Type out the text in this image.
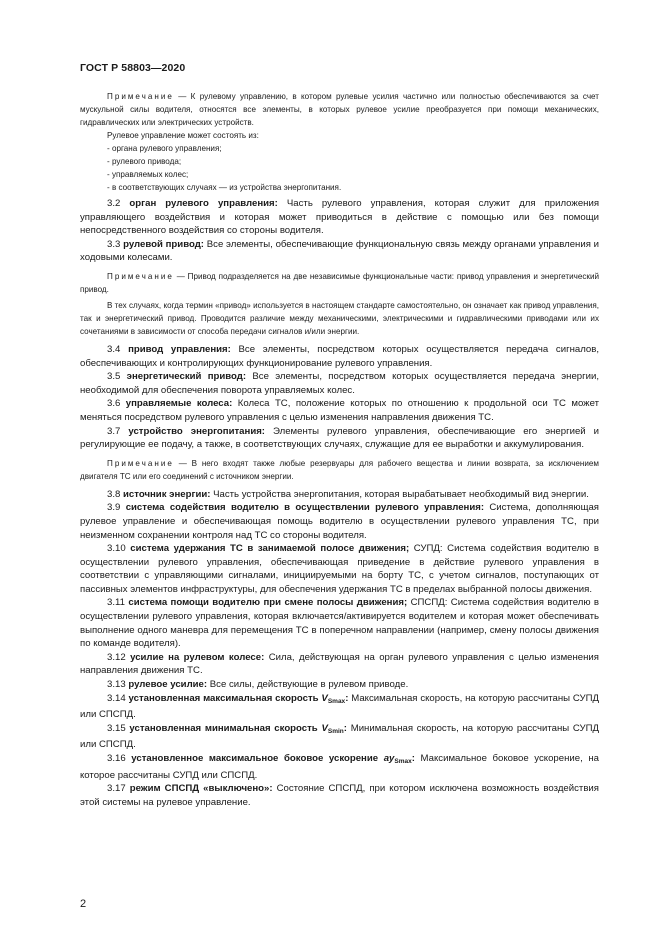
ГОСТ Р 58803—2020

Примечание — К рулевому управлению, в котором рулевые усилия частично или полностью обеспечиваются за счет мускульной силы водителя, относятся все элементы, в которых рулевое усилие преобразуется при помощи механических, гидравлических или электрических устройств.

Рулевое управление может состоять из:

- органа рулевого управления;

- рулевого привода;

- управляемых колес;

- в соответствующих случаях — из устройства энергопитания.

3.2 орган рулевого управления: Часть рулевого управления, которая служит для приложения управляющего воздействия и которая может приводиться в действие с помощью или без помощи непосредственного воздействия со стороны водителя.

3.3 рулевой привод: Все элементы, обеспечивающие функциональную связь между органами управления и ходовыми колесами.

Примечание — Привод подразделяется на две независимые функциональные части: привод управления и энергетический привод.

В тех случаях, когда термин «привод» используется в настоящем стандарте самостоятельно, он означает как привод управления, так и энергетический привод. Проводится различие между механическими, электрическими и гидравлическими приводами или их сочетаниями в зависимости от способа передачи сигналов и/или энергии.

3.4 привод управления: Все элементы, посредством которых осуществляется передача сигналов, обеспечивающих и контролирующих функционирование рулевого управления.

3.5 энергетический привод: Все элементы, посредством которых осуществляется передача энергии, необходимой для обеспечения поворота управляемых колес.

3.6 управляемые колеса: Колеса ТС, положение которых по отношению к продольной оси ТС может меняться посредством рулевого управления с целью изменения направления движения ТС.

3.7 устройство энергопитания: Элементы рулевого управления, обеспечивающие его энергией и регулирующие ее подачу, а также, в соответствующих случаях, служащие для ее выработки и аккумулирования.

Примечание — В него входят также любые резервуары для рабочего вещества и линии возврата, за исключением двигателя ТС или его соединений с источником энергии.

3.8 источник энергии: Часть устройства энергопитания, которая вырабатывает необходимый вид энергии.

3.9 система содействия водителю в осуществлении рулевого управления: Система, дополняющая рулевое управление и обеспечивающая помощь водителю в осуществлении рулевого управления ТС, при неизменном сохранении контроля над ТС со стороны водителя.

3.10 система удержания ТС в занимаемой полосе движения; СУПД: Система содействия водителю в осуществлении рулевого управления, обеспечивающая приведение в действие рулевого управления в соответствии с управляющими сигналами, инициируемыми на борту ТС, с учетом сигналов, поступающих от пассивных элементов инфраструктуры, для обеспечения удержания ТС в пределах выбранной полосы движения.

3.11 система помощи водителю при смене полосы движения; СПСПД: Система содействия водителю в осуществлении рулевого управления, которая включается/активируется водителем и которая может обеспечивать выполнение одного маневра для перемещения ТС в поперечном направлении (например, смену полосы движения по команде водителя).

3.12 усилие на рулевом колесе: Сила, действующая на орган рулевого управления с целью изменения направления движения ТС.

3.13 рулевое усилие: Все силы, действующие в рулевом приводе.

3.14 установленная максимальная скорость $V_{Smax}$: Максимальная скорость, на которую рассчитаны СУПД или СПСПД.

3.15 установленная минимальная скорость $V_{Smin}$: Минимальная скорость, на которую рассчитаны СУПД или СПСПД.

3.16 установленное максимальное боковое ускорение $ay_{Smax}$: Максимальное боковое ускорение, на которое рассчитаны СУПД или СПСПД.

3.17 режим СПСПД «выключено»: Состояние СПСПД, при котором исключена возможность воздействия этой системы на рулевое управление.

2
